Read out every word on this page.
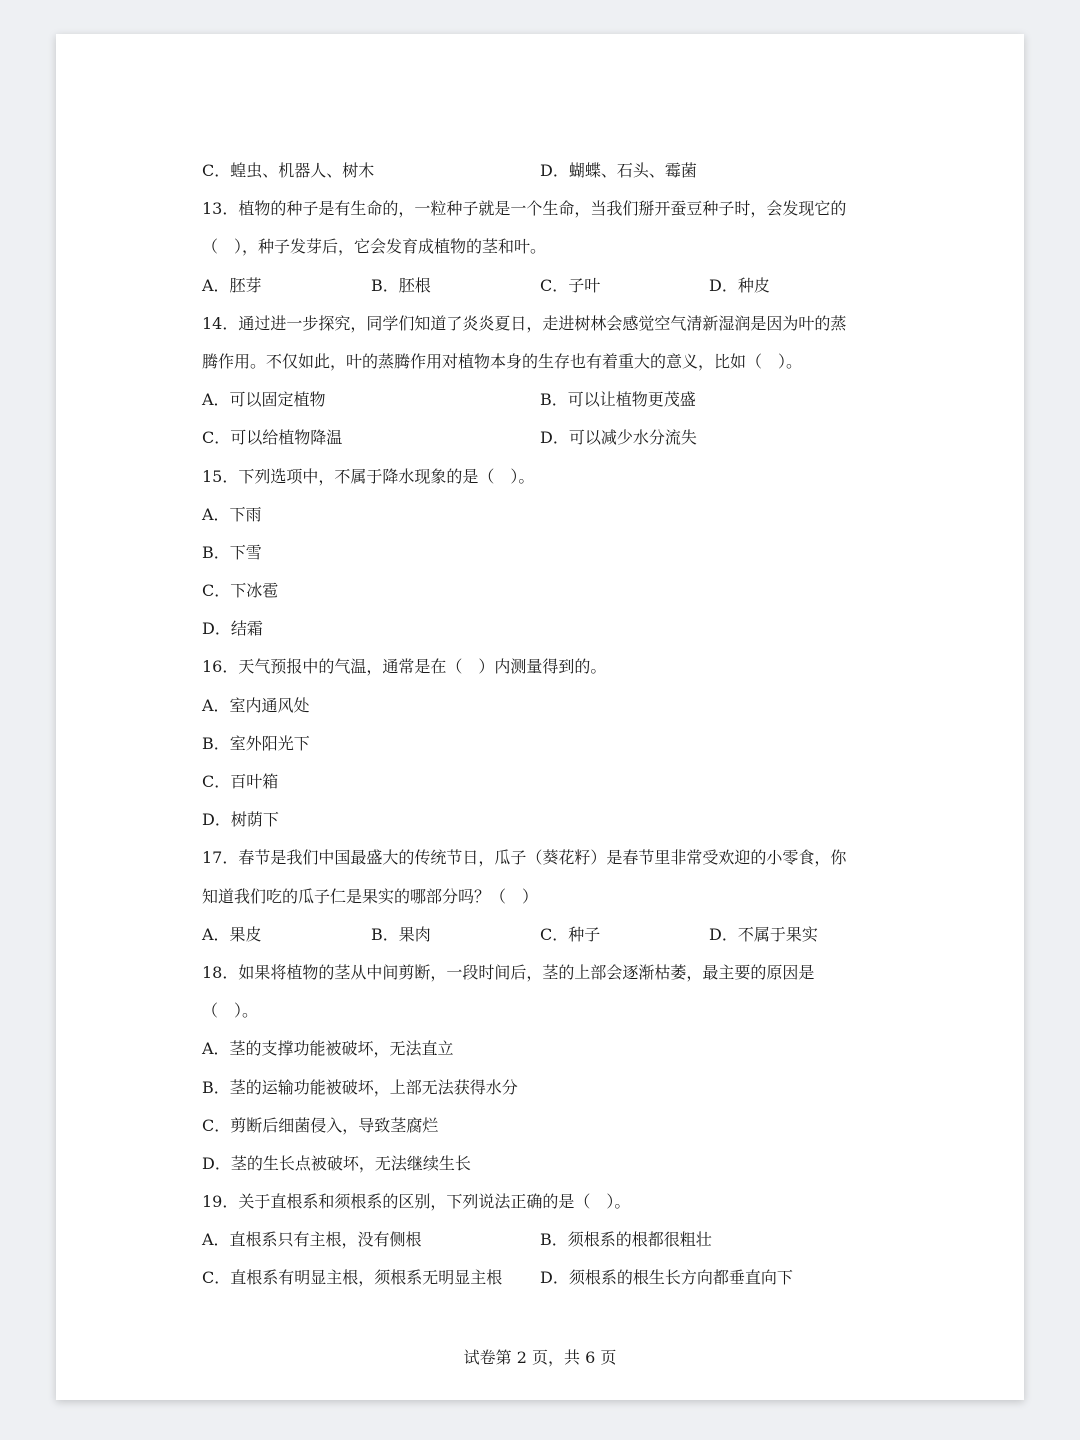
C．蝗虫、机器人、树木	D．蝴蝶、石头、霉菌
13．植物的种子是有生命的，一粒种子就是一个生命，当我们掰开蚕豆种子时，会发现它的
（　），种子发芽后，它会发育成植物的茎和叶。
A．胚芽	B．胚根	C．子叶	D．种皮
14．通过进一步探究，同学们知道了炎炎夏日，走进树林会感觉空气清新湿润是因为叶的蒸
腾作用。不仅如此，叶的蒸腾作用对植物本身的生存也有着重大的意义，比如（　）。
A．可以固定植物	B．可以让植物更茂盛
C．可以给植物降温	D．可以减少水分流失
15．下列选项中，不属于降水现象的是（　）。
A．下雨
B．下雪
C．下冰雹
D．结霜
16．天气预报中的气温，通常是在（　）内测量得到的。
A．室内通风处
B．室外阳光下
C．百叶箱
D．树荫下
17．春节是我们中国最盛大的传统节日，瓜子（葵花籽）是春节里非常受欢迎的小零食，你
知道我们吃的瓜子仁是果实的哪部分吗？（　）
A．果皮	B．果肉	C．种子	D．不属于果实
18．如果将植物的茎从中间剪断，一段时间后，茎的上部会逐渐枯萎，最主要的原因是
（　）。
A．茎的支撑功能被破坏，无法直立
B．茎的运输功能被破坏，上部无法获得水分
C．剪断后细菌侵入，导致茎腐烂
D．茎的生长点被破坏，无法继续生长
19．关于直根系和须根系的区别，下列说法正确的是（　）。
A．直根系只有主根，没有侧根	B．须根系的根都很粗壮
C．直根系有明显主根，须根系无明显主根	D．须根系的根生长方向都垂直向下
试卷第 2 页，共 6 页
